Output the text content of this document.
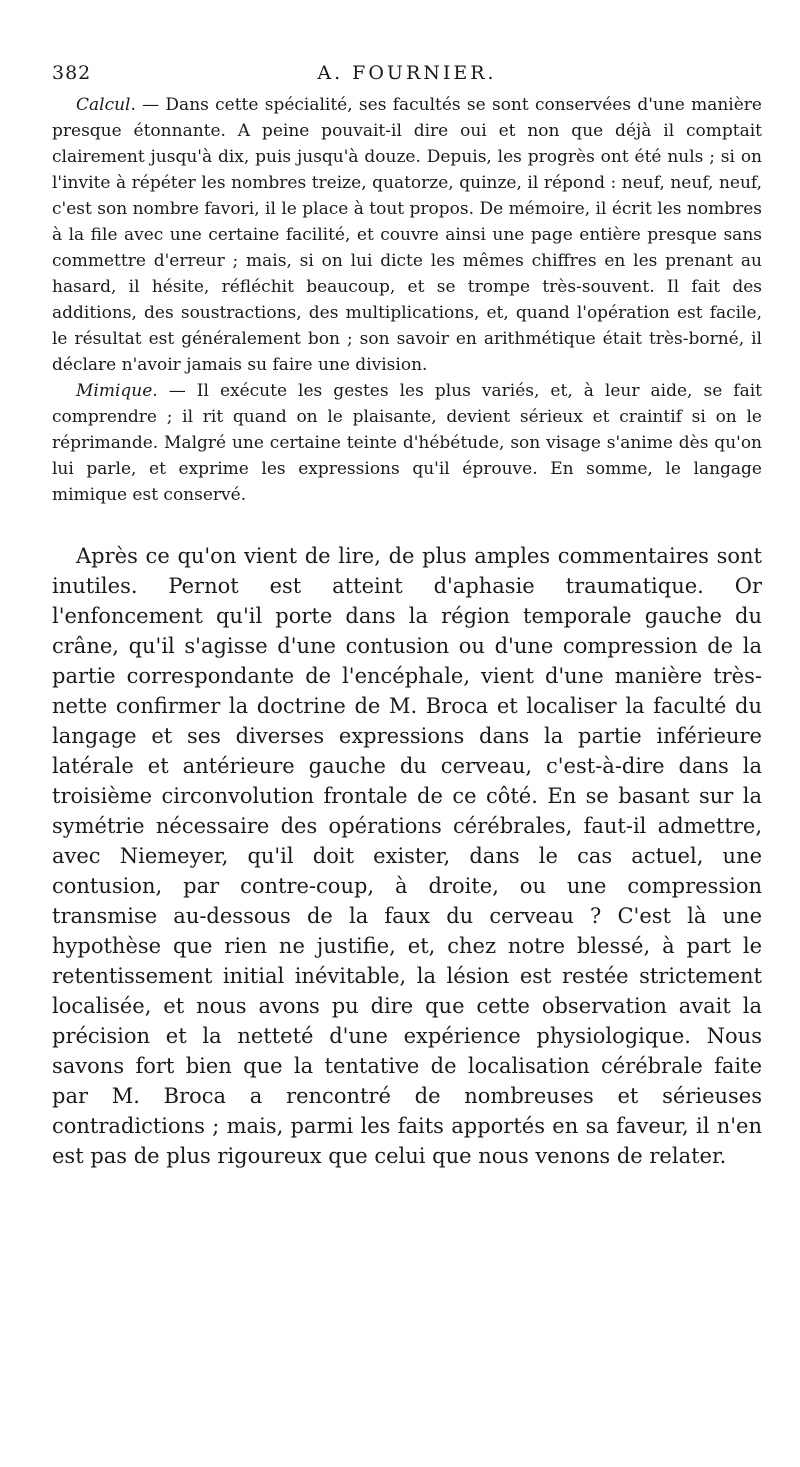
382	A. FOURNIER.

Calcul. — Dans cette spécialité, ses facultés se sont conservées d'une manière presque étonnante. A peine pouvait-il dire oui et non que déjà il comptait clairement jusqu'à dix, puis jusqu'à douze. Depuis, les progrès ont été nuls ; si on l'invite à répéter les nombres treize, quatorze, quinze, il répond : neuf, neuf, neuf, c'est son nombre favori, il le place à tout propos. De mémoire, il écrit les nombres à la file avec une certaine facilité, et couvre ainsi une page entière presque sans commettre d'erreur ; mais, si on lui dicte les mêmes chiffres en les prenant au hasard, il hésite, réfléchit beaucoup, et se trompe très-souvent. Il fait des additions, des soustractions, des multiplications, et, quand l'opération est facile, le résultat est généralement bon ; son savoir en arithmétique était très-borné, il déclare n'avoir jamais su faire une division.

Mimique. — Il exécute les gestes les plus variés, et, à leur aide, se fait comprendre ; il rit quand on le plaisante, devient sérieux et craintif si on le réprimande. Malgré une certaine teinte d'hébétude, son visage s'anime dès qu'on lui parle, et exprime les expressions qu'il éprouve. En somme, le langage mimique est conservé.

Après ce qu'on vient de lire, de plus amples commentaires sont inutiles. Pernot est atteint d'aphasie traumatique. Or l'enfoncement qu'il porte dans la région temporale gauche du crâne, qu'il s'agisse d'une contusion ou d'une compression de la partie correspondante de l'encéphale, vient d'une manière très-nette confirmer la doctrine de M. Broca et localiser la faculté du langage et ses diverses expressions dans la partie inférieure latérale et antérieure gauche du cerveau, c'est-à-dire dans la troisième circonvolution frontale de ce côté. En se basant sur la symétrie nécessaire des opérations cérébrales, faut-il admettre, avec Niemeyer, qu'il doit exister, dans le cas actuel, une contusion, par contre-coup, à droite, ou une compression transmise au-dessous de la faux du cerveau ? C'est là une hypothèse que rien ne justifie, et, chez notre blessé, à part le retentissement initial inévitable, la lésion est restée strictement localisée, et nous avons pu dire que cette observation avait la précision et la netteté d'une expérience physiologique. Nous savons fort bien que la tentative de localisation cérébrale faite par M. Broca a rencontré de nombreuses et sérieuses contradictions ; mais, parmi les faits apportés en sa faveur, il n'en est pas de plus rigoureux que celui que nous venons de relater.
